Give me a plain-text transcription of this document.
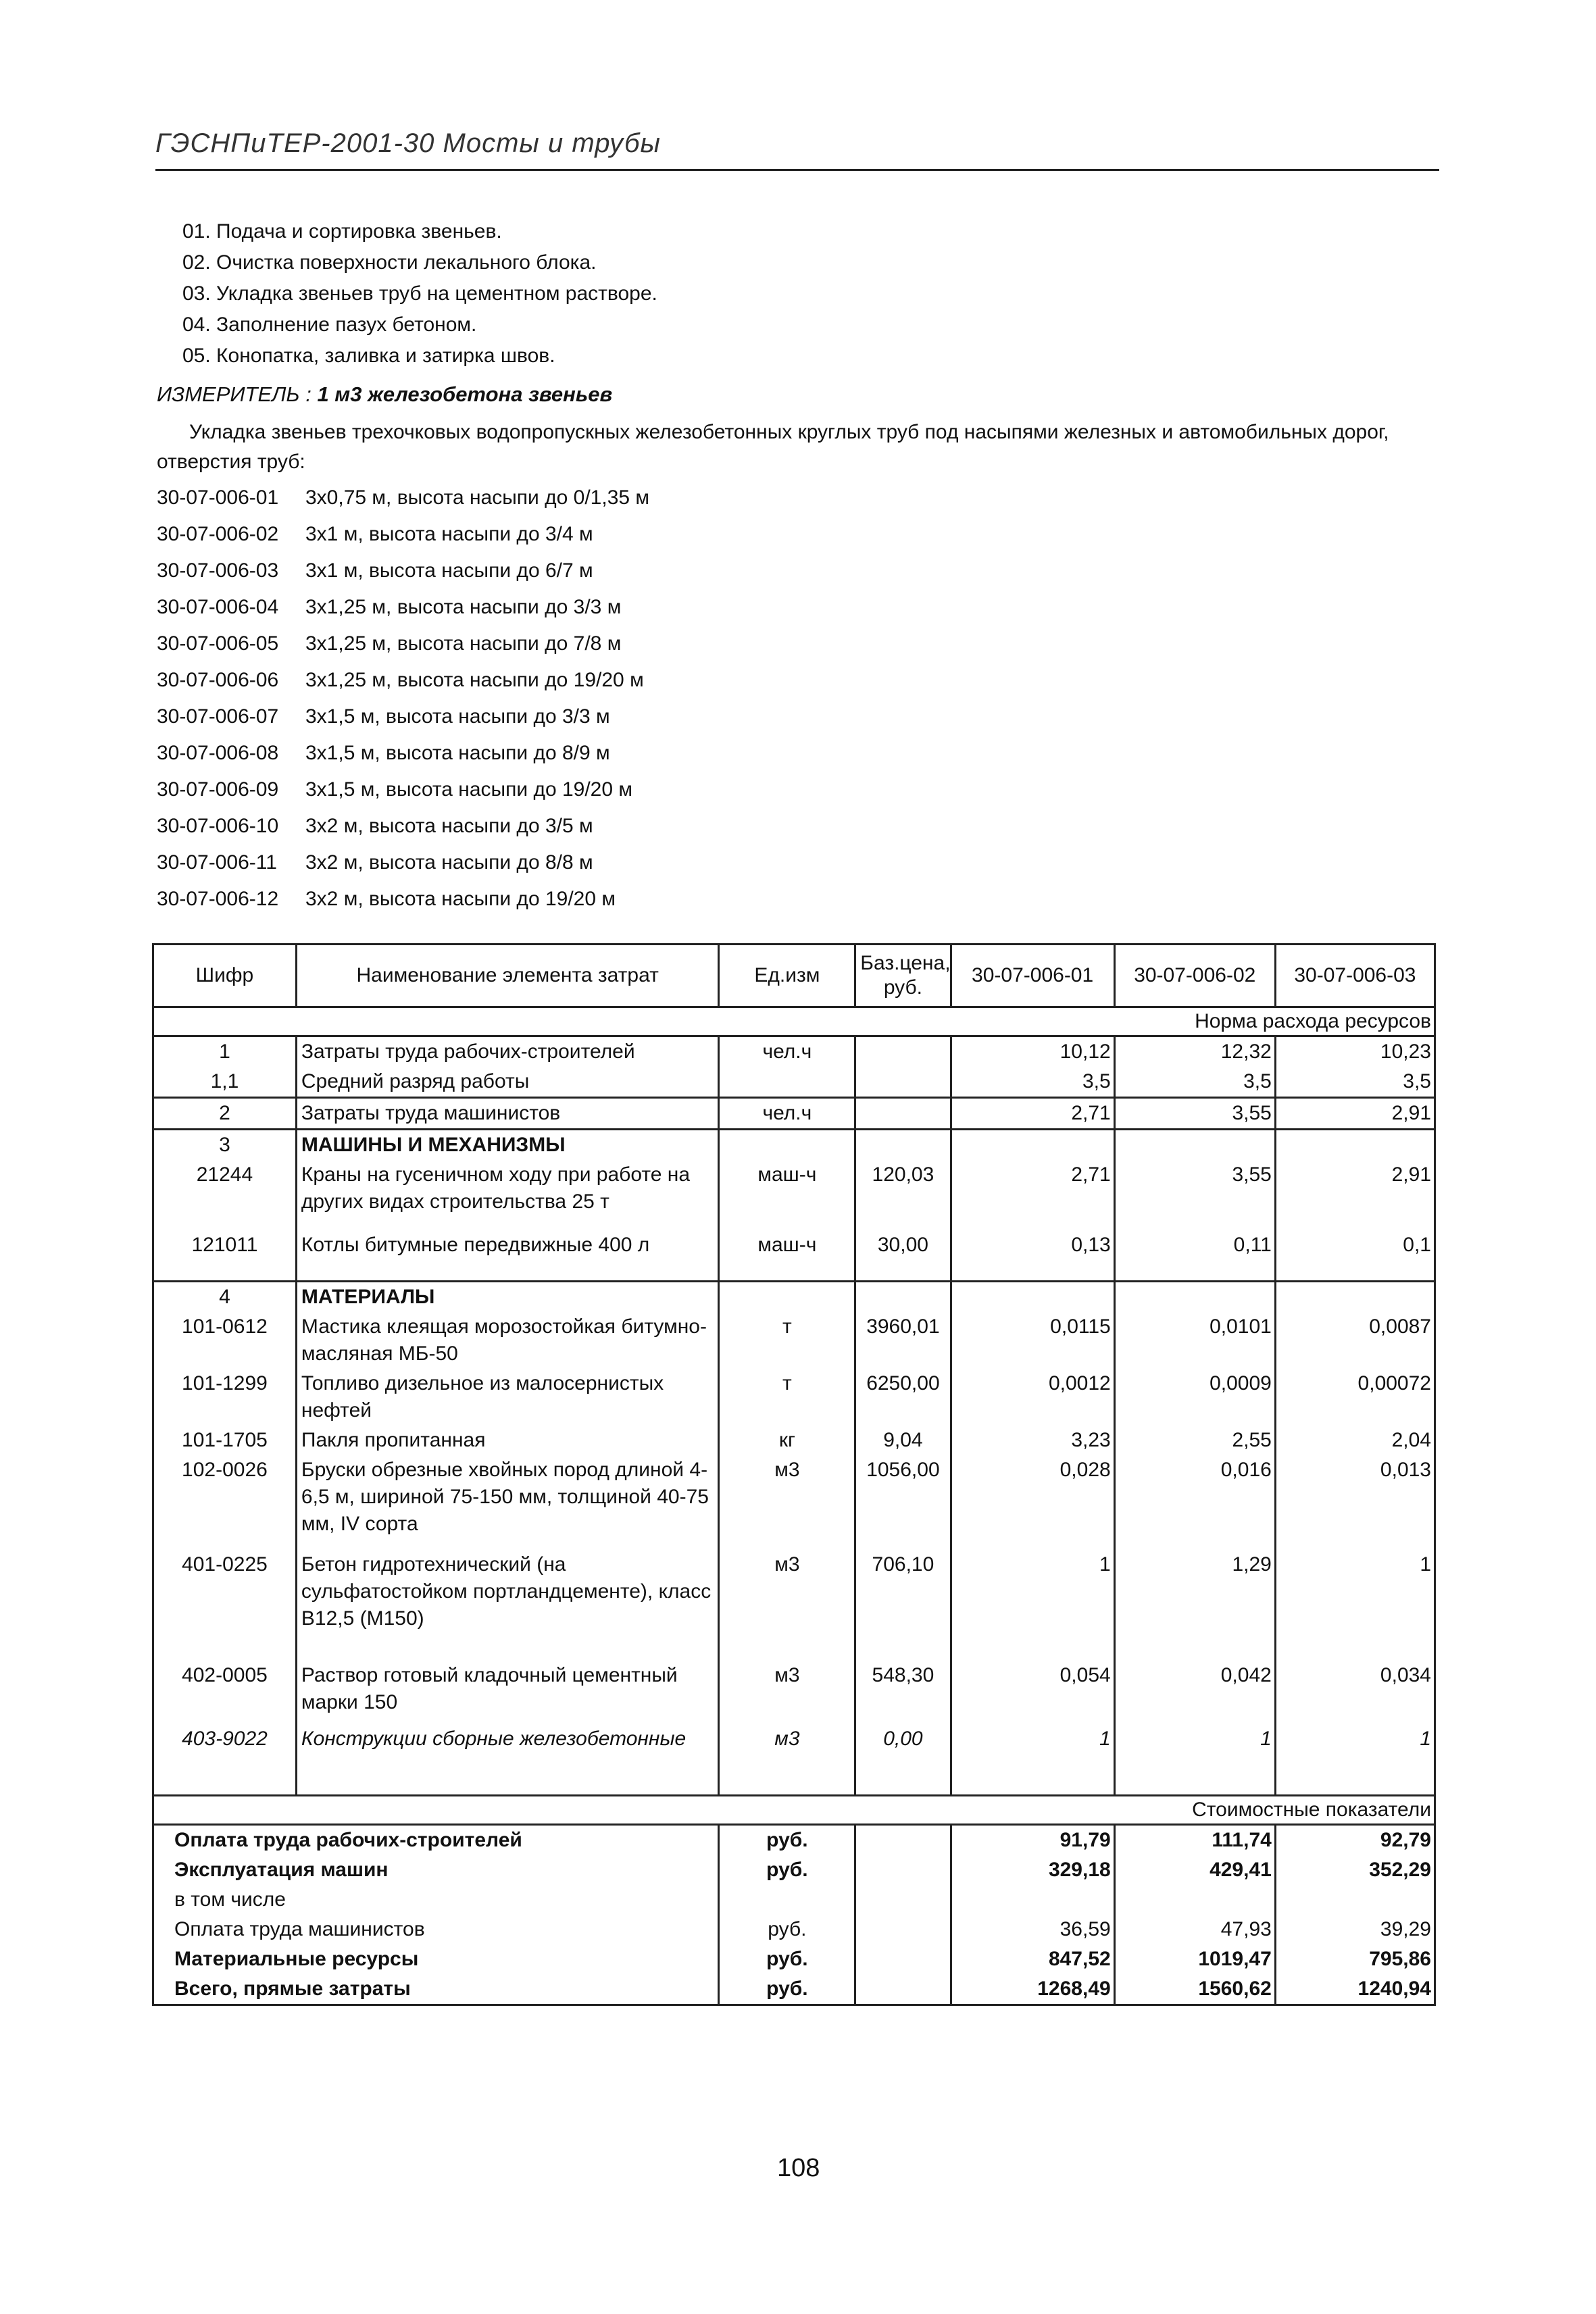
ГЭСНПиТЕР-2001-30 Мосты и трубы
01. Подача и сортировка звеньев.
02. Очистка поверхности лекального блока.
03. Укладка звеньев труб на цементном растворе.
04. Заполнение пазух бетоном.
05. Конопатка, заливка и затирка швов.
ИЗМЕРИТЕЛЬ : 1 м3 железобетона звеньев
Укладка звеньев трехочковых водопропускных железобетонных круглых труб под насыпями железных и автомобильных дорог, отверстия труб:
30-07-006-01	3х0,75 м, высота насыпи до 0/1,35 м
30-07-006-02	3х1 м, высота насыпи до 3/4 м
30-07-006-03	3х1 м, высота насыпи до 6/7 м
30-07-006-04	3х1,25 м, высота насыпи до 3/3 м
30-07-006-05	3х1,25 м, высота насыпи до 7/8 м
30-07-006-06	3х1,25 м, высота насыпи до 19/20 м
30-07-006-07	3х1,5 м, высота насыпи до 3/3 м
30-07-006-08	3х1,5 м, высота насыпи до 8/9 м
30-07-006-09	3х1,5 м, высота насыпи до 19/20 м
30-07-006-10	3х2 м, высота насыпи до 3/5 м
30-07-006-11	3х2 м, высота насыпи до 8/8 м
30-07-006-12	3х2 м, высота насыпи до 19/20 м
Шифр	Наименование элемента затрат	Ед.изм	Баз.цена, руб.	30-07-006-01	30-07-006-02	30-07-006-03
Норма расхода ресурсов						
1	Затраты труда рабочих-строителей	чел.ч		10,12	12,32	10,23
1,1	Средний разряд работы			3,5	3,5	3,5
2	Затраты труда машинистов	чел.ч		2,71	3,55	2,91
3	МАШИНЫ И МЕХАНИЗМЫ					
21244	Краны на гусеничном ходу при работе на других видах строительства 25 т	маш-ч	120,03	2,71	3,55	2,91
121011	Котлы битумные передвижные 400 л	маш-ч	30,00	0,13	0,11	0,1
4	МАТЕРИАЛЫ					
101-0612	Мастика клеящая морозостойкая битумно-масляная МБ-50	т	3960,01	0,0115	0,0101	0,0087
101-1299	Топливо дизельное из малосернистых нефтей	т	6250,00	0,0012	0,0009	0,00072
101-1705	Пакля пропитанная	кг	9,04	3,23	2,55	2,04
102-0026	Бруски обрезные хвойных пород длиной 4-6,5 м, шириной 75-150 мм, толщиной 40-75 мм, IV сорта	м3	1056,00	0,028	0,016	0,013
401-0225	Бетон гидротехнический (на сульфатостойком портландцементе), класс В12,5 (М150)	м3	706,10	1	1,29	1
402-0005	Раствор готовый кладочный цементный марки 150	м3	548,30	0,054	0,042	0,034
403-9022	Конструкции сборные железобетонные	м3	0,00	1	1	1
Стоимостные показатели						
Оплата труда рабочих-строителей		руб.		91,79	111,74	92,79
Эксплуатация машин		руб.		329,18	429,41	352,29
в том числе						
Оплата труда машинистов		руб.		36,59	47,93	39,29
Материальные ресурсы		руб.		847,52	1019,47	795,86
Всего, прямые затраты		руб.		1268,49	1560,62	1240,94
108
